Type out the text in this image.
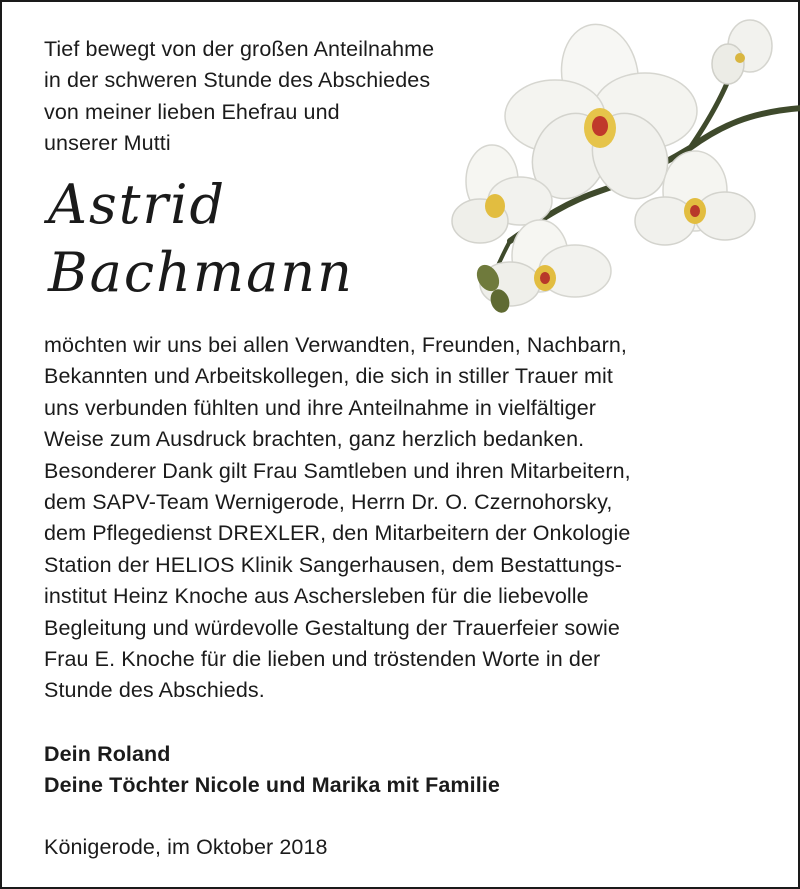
Tief bewegt von der großen Anteilnahme
in der schweren Stunde des Abschiedes
von meiner lieben Ehefrau und
unserer Mutti
Astrid
Bachmann
möchten wir uns bei allen Verwandten, Freunden, Nachbarn,
Bekannten und Arbeitskollegen, die sich in stiller Trauer mit
uns verbunden fühlten und ihre Anteilnahme in vielfältiger
Weise zum Ausdruck brachten, ganz herzlich bedanken.
Besonderer Dank gilt Frau Samtleben und ihren Mitarbeitern,
dem SAPV-Team Wernigerode, Herrn Dr. O. Czernohorsky,
dem Pflegedienst DREXLER, den Mitarbeitern der Onkologie
Station der HELIOS Klinik Sangerhausen, dem Bestattungs-
institut Heinz Knoche aus Aschersleben für die liebevolle
Begleitung und würdevolle Gestaltung der Trauerfeier sowie
Frau E. Knoche für die lieben und tröstenden Worte in der
Stunde des Abschieds.
Dein Roland
Deine Töchter Nicole und Marika mit Familie
Königerode, im Oktober 2018
